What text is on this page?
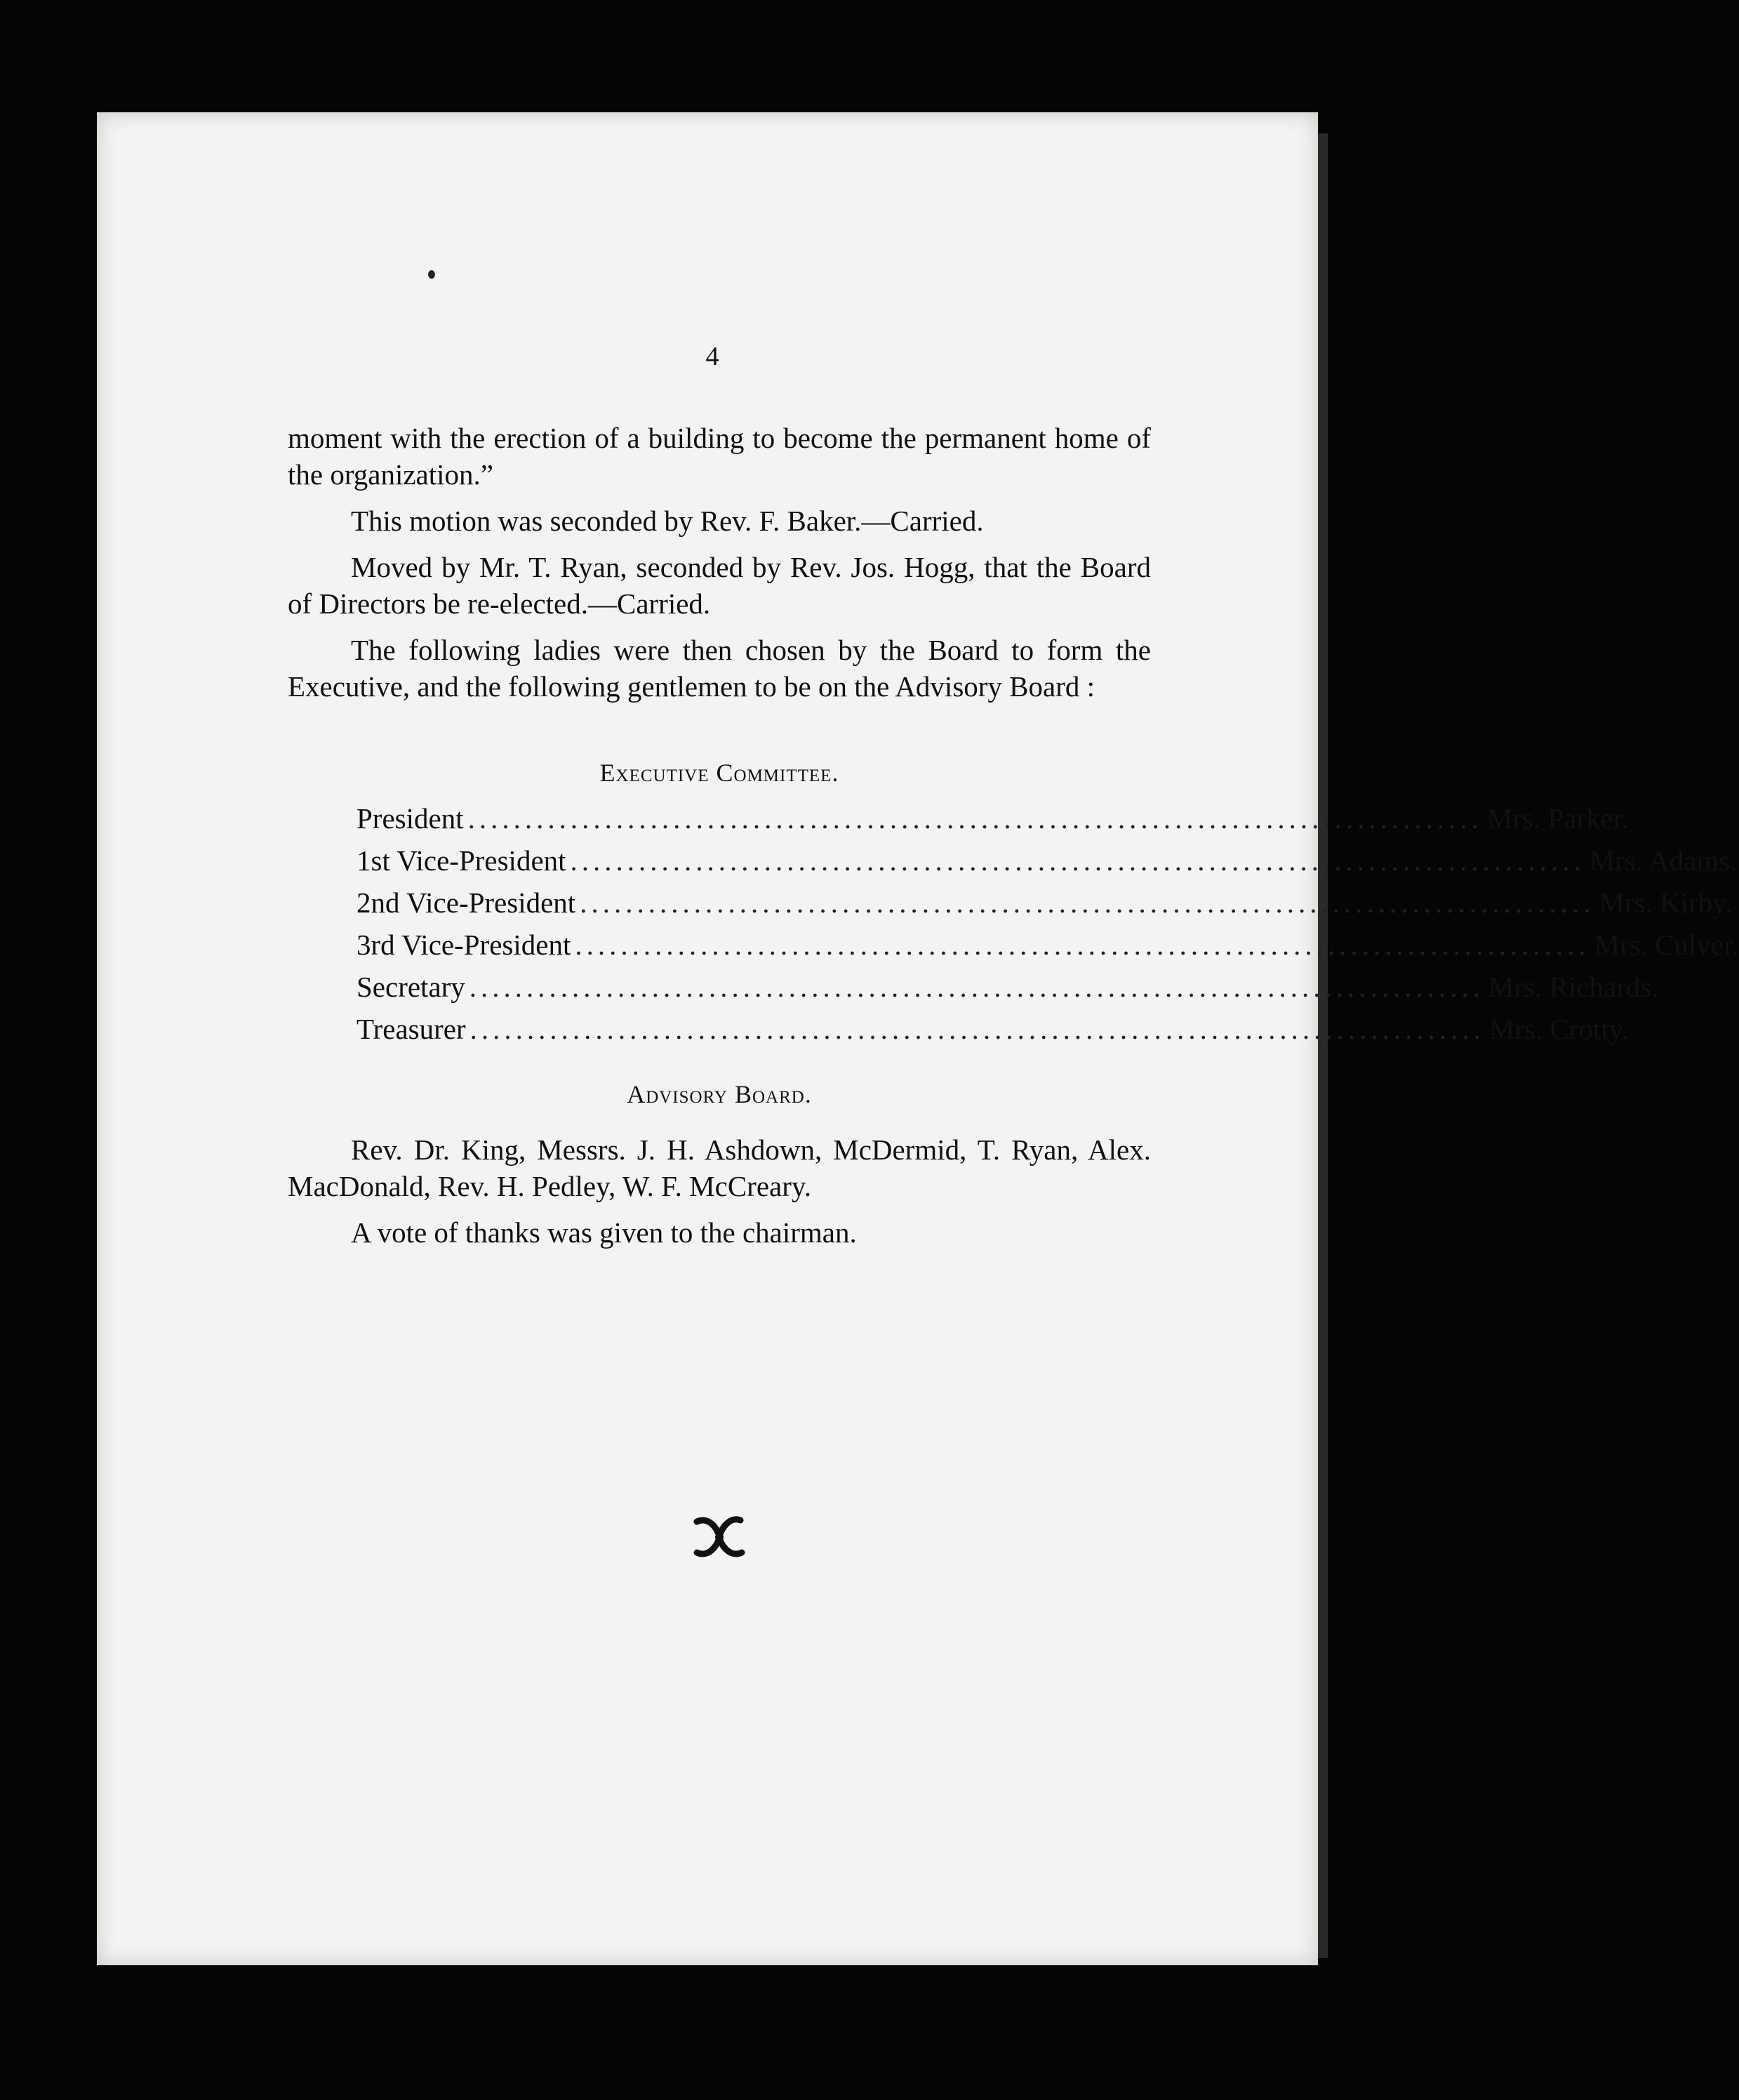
4

moment with the erection of a building to become the permanent home of the organization.”

This motion was seconded by Rev. F. Baker.—Carried.

Moved by Mr. T. Ryan, seconded by Rev. Jos. Hogg, that the Board of Directors be re-elected.—Carried.

The following ladies were then chosen by the Board to form the Executive, and the following gentlemen to be on the Advisory Board :

Executive Committee.
President ......................................................................................... Mrs. Parker.
1st Vice-President ......................................................................................... Mrs. Adams.
2nd Vice-President ......................................................................................... Mrs. Kirby.
3rd Vice-President ......................................................................................... Mrs. Culver.
Secretary ......................................................................................... Mrs. Richards.
Treasurer ......................................................................................... Mrs. Crotty.
Advisory Board.

Rev. Dr. King, Messrs. J. H. Ashdown, McDermid, T. Ryan, Alex. MacDonald, Rev. H. Pedley, W. F. McCreary.

A vote of thanks was given to the chairman.
